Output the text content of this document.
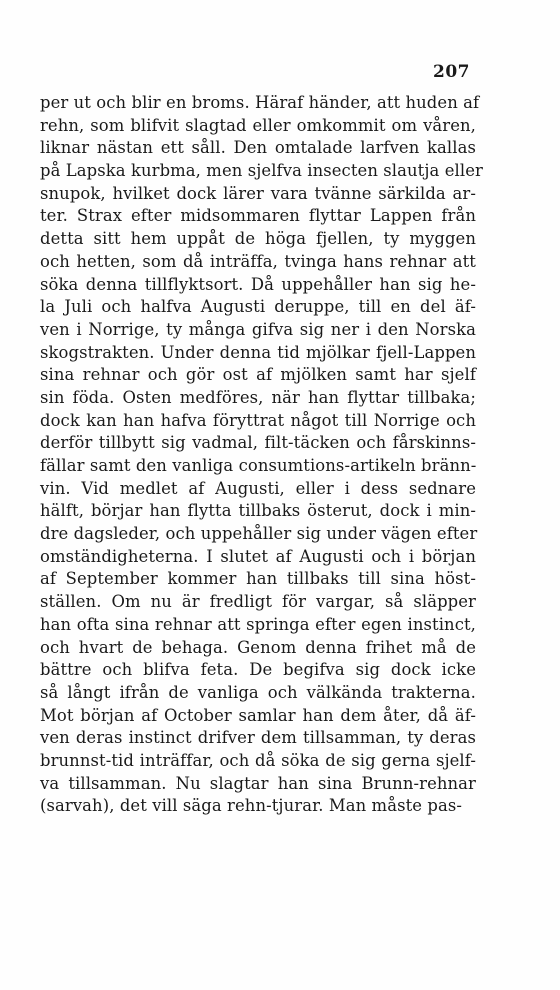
207
per ut och blir en broms. Häraf händer, att huden af
rehn, som blifvit slagtad eller omkommit om våren,
liknar nästan ett såll. Den omtalade larfven kallas
på Lapska kurbma, men sjelfva insecten slautja eller
snupok, hvilket dock lärer vara tvänne särkilda ar-
ter. Strax efter midsommaren flyttar Lappen från
detta sitt hem uppåt de höga fjellen, ty myggen
och hetten, som då inträffa, tvinga hans rehnar att
söka denna tillflyktsort. Då uppehåller han sig he-
la Juli och halfva Augusti deruppe, till en del äf-
ven i Norrige, ty många gifva sig ner i den Norska
skogstrakten. Under denna tid mjölkar fjell-Lappen
sina rehnar och gör ost af mjölken samt har sjelf
sin föda. Osten medföres, när han flyttar tillbaka;
dock kan han hafva föryttrat något till Norrige och
derför tillbytt sig vadmal, filt-täcken och fårskinns-
fällar samt den vanliga consumtions-artikeln bränn-
vin. Vid medlet af Augusti, eller i dess sednare
hälft, börjar han flytta tillbaks österut, dock i min-
dre dagsleder, och uppehåller sig under vägen efter
omständigheterna. I slutet af Augusti och i början
af September kommer han tillbaks till sina höst-
ställen. Om nu är fredligt för vargar, så släpper
han ofta sina rehnar att springa efter egen instinct,
och hvart de behaga. Genom denna frihet må de
bättre och blifva feta. De begifva sig dock icke
så långt ifrån de vanliga och välkända trakterna.
Mot början af October samlar han dem åter, då äf-
ven deras instinct drifver dem tillsamman, ty deras
brunnst-tid inträffar, och då söka de sig gerna sjelf-
va tillsamman. Nu slagtar han sina Brunn-rehnar
(sarvah), det vill säga rehn-tjurar. Man måste pas-
